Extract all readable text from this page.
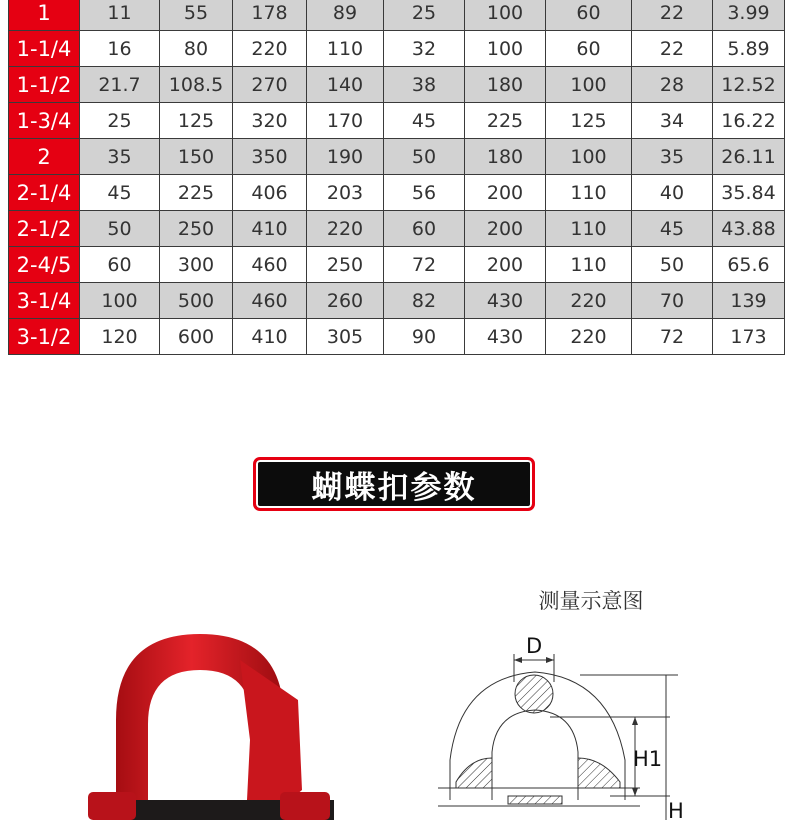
1	11	55	178	89	25	100	60	22	3.99
1-1/4	16	80	220	110	32	100	60	22	5.89
1-1/2	21.7	108.5	270	140	38	180	100	28	12.52
1-3/4	25	125	320	170	45	225	125	34	16.22
2	35	150	350	190	50	180	100	35	26.11
2-1/4	45	225	406	203	56	200	110	40	35.84
2-1/2	50	250	410	220	60	200	110	45	43.88
2-4/5	60	300	460	250	72	200	110	50	65.6
3-1/4	100	500	460	260	82	430	220	70	139
3-1/2	120	600	410	305	90	430	220	72	173
蝴蝶扣参数
测量示意图
D
H1
H
